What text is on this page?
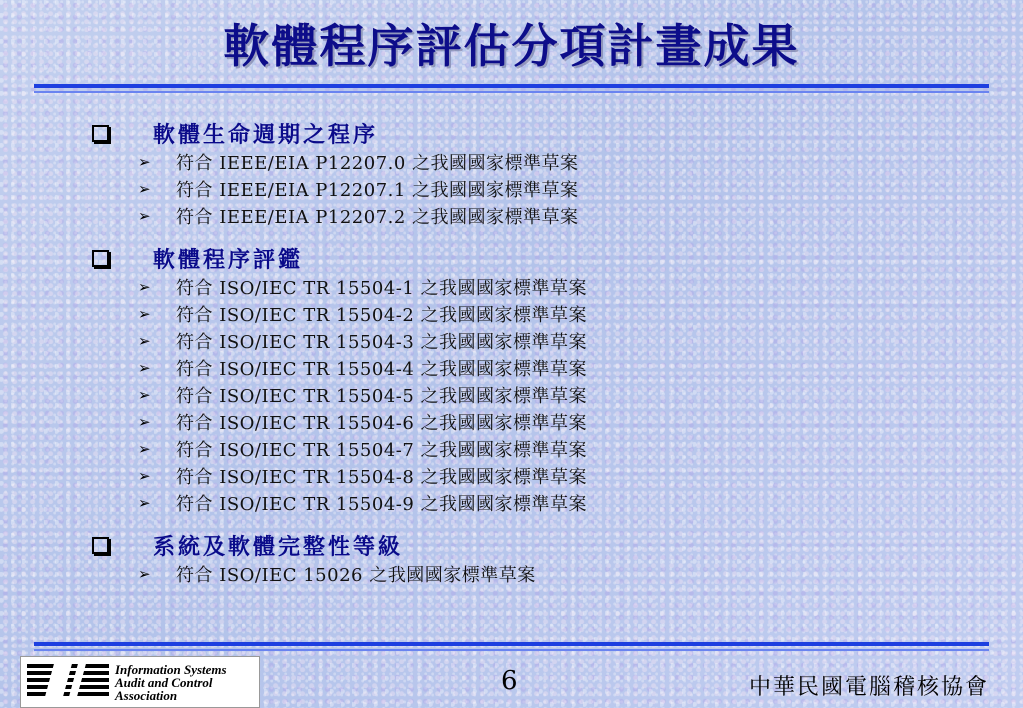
軟體程序評估分項計畫成果
軟體生命週期之程序
➢	符合 IEEE/EIA P12207.0 之我國國家標準草案
➢	符合 IEEE/EIA P12207.1 之我國國家標準草案
➢	符合 IEEE/EIA P12207.2 之我國國家標準草案
軟體程序評鑑
➢	符合 ISO/IEC TR 15504-1 之我國國家標準草案
➢	符合 ISO/IEC TR 15504-2 之我國國家標準草案
➢	符合 ISO/IEC TR 15504-3 之我國國家標準草案
➢	符合 ISO/IEC TR 15504-4 之我國國家標準草案
➢	符合 ISO/IEC TR 15504-5 之我國國家標準草案
➢	符合 ISO/IEC TR 15504-6 之我國國家標準草案
➢	符合 ISO/IEC TR 15504-7 之我國國家標準草案
➢	符合 ISO/IEC TR 15504-8 之我國國家標準草案
➢	符合 ISO/IEC TR 15504-9 之我國國家標準草案
系統及軟體完整性等級
➢	符合 ISO/IEC 15026 之我國國家標準草案
Information Systems
Audit and Control
Association	6	中華民國電腦稽核協會
